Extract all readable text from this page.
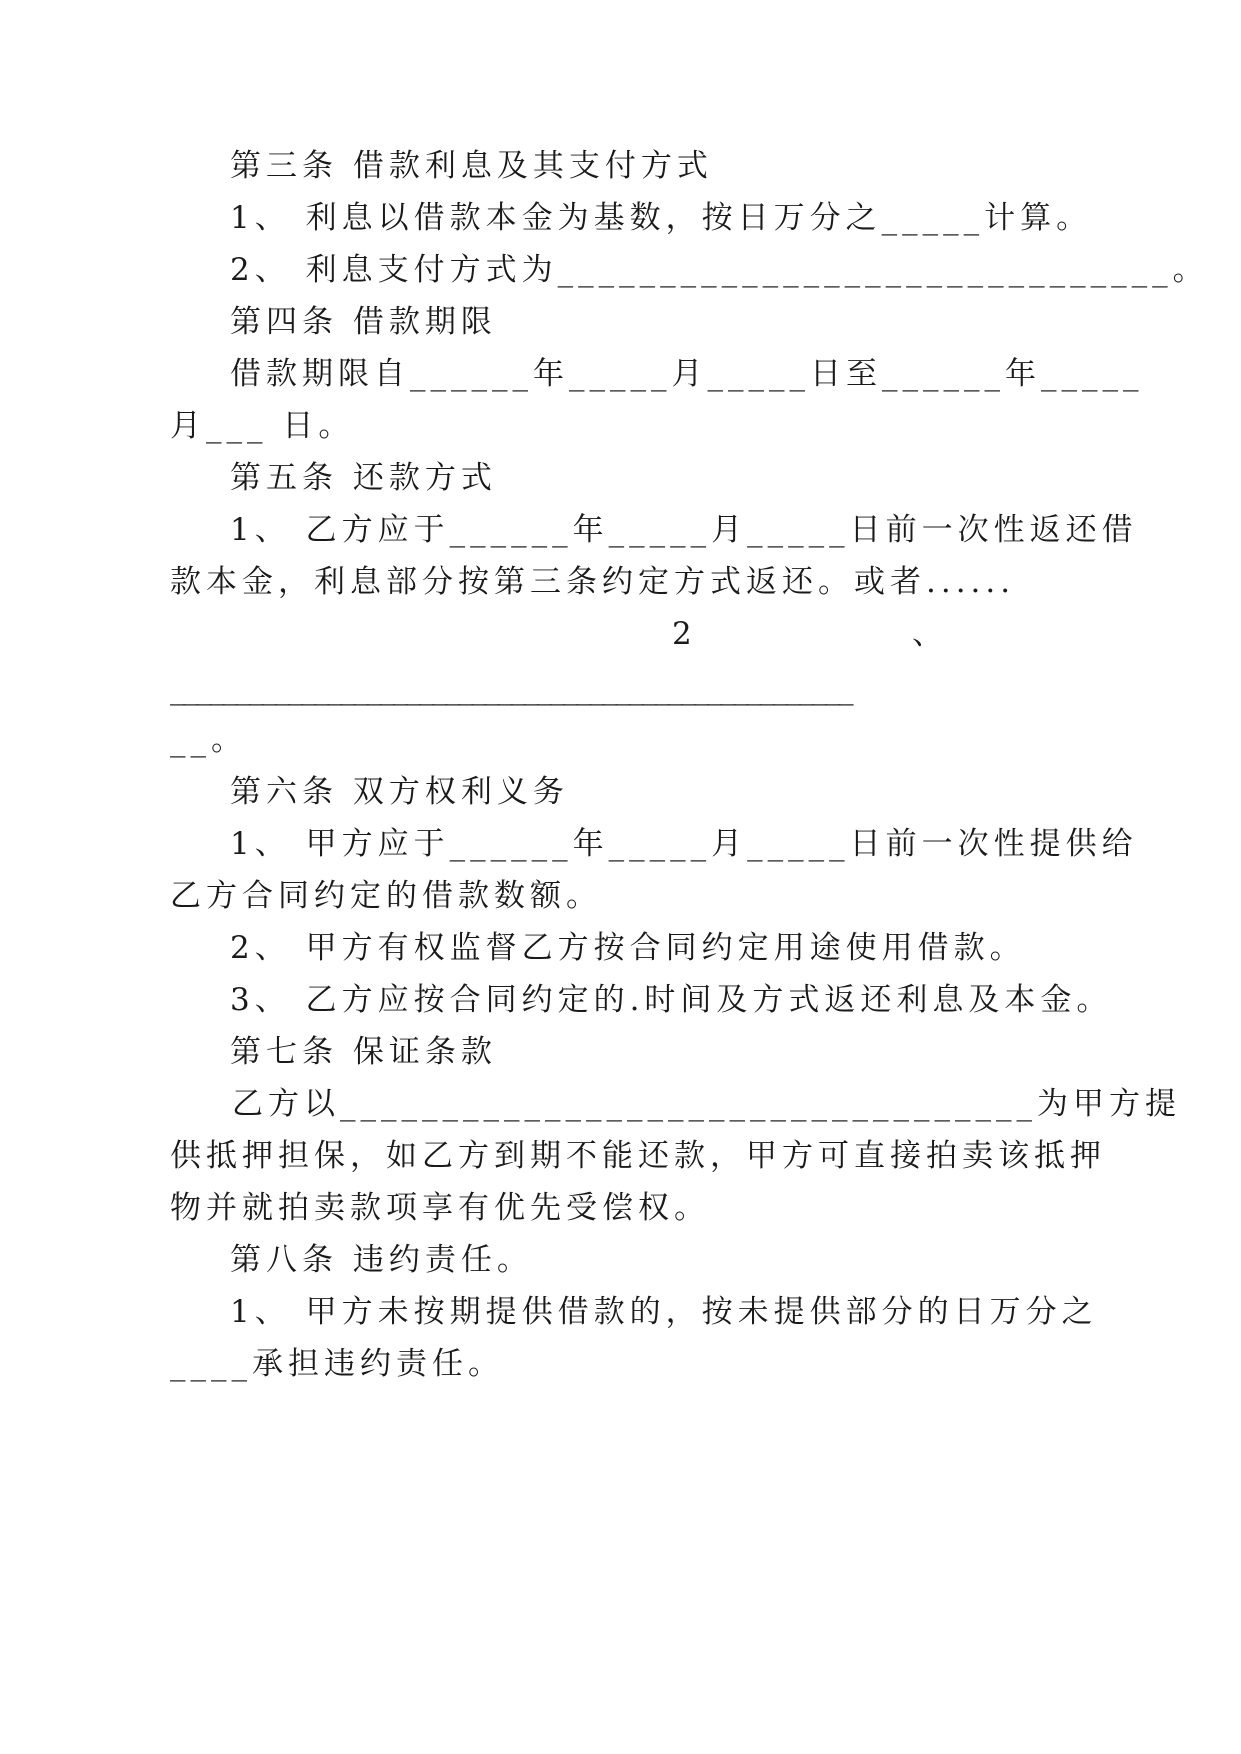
第三条 借款利息及其支付方式
1、 利息以借款本金为基数，按日万分之_____计算。
2、 利息支付方式为______________________________。
第四条 借款期限
借款期限自______年_____月_____日至______年_____
月___ 日。
第五条 还款方式
1、 乙方应于______年_____月_____日前一次性返还借
款本金，利息部分按第三条约定方式返还。或者......
2	、
____________________________________________________
__。
第六条 双方权利义务
1、 甲方应于______年_____月_____日前一次性提供给
乙方合同约定的借款数额。
2、 甲方有权监督乙方按合同约定用途使用借款。
3、 乙方应按合同约定的.时间及方式返还利息及本金。
第七条 保证条款
乙方以__________________________________为甲方提
供抵押担保，如乙方到期不能还款，甲方可直接拍卖该抵押
物并就拍卖款项享有优先受偿权。
第八条 违约责任。
1、 甲方未按期提供借款的，按未提供部分的日万分之
____承担违约责任。
